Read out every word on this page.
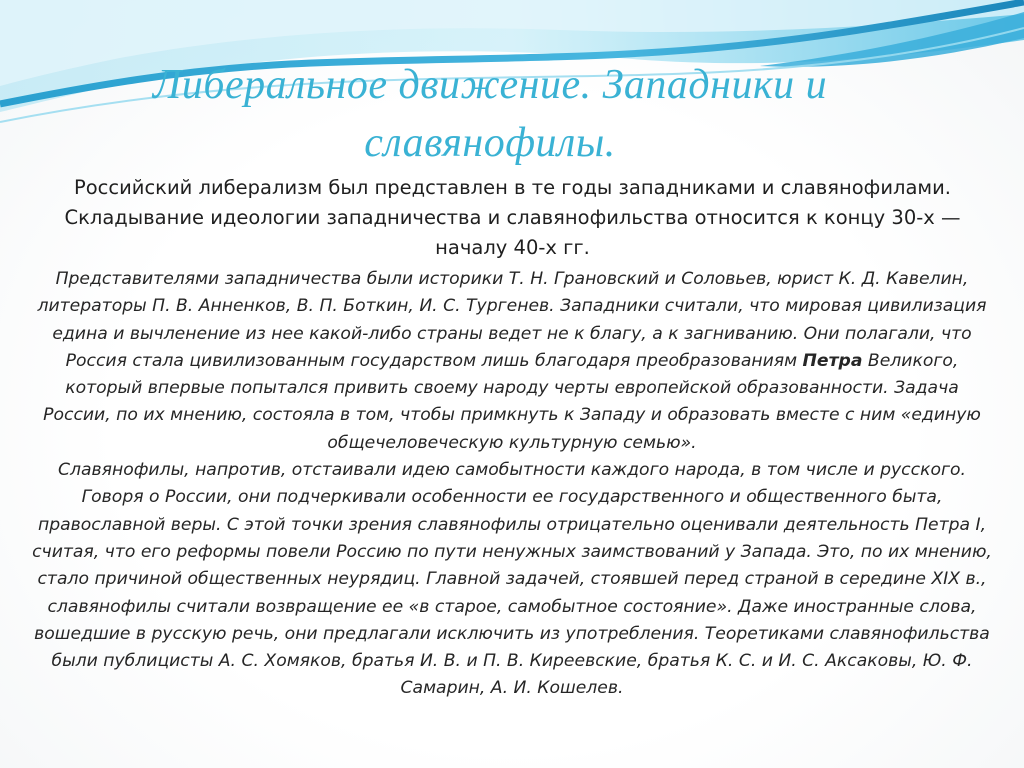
Либеральное движение. Западники и славянофилы.

Российский либерализм был представлен в те годы западниками и славянофилами. Складывание идеологии западничества и славянофильства относится к концу 30-х — началу 40-х гг.

Представителями западничества были историки Т. Н. Грановский и Соловьев, юрист К. Д. Кавелин, литераторы П. В. Анненков, В. П. Боткин, И. С. Тургенев. Западники считали, что мировая цивилизация едина и вычленение из нее какой-либо страны ведет не к благу, а к загниванию. Они полагали, что Россия стала цивилизованным государством лишь благодаря преобразованиям Петра Великого, который впервые попытался привить своему народу черты европейской образованности. Задача России, по их мнению, состояла в том, чтобы примкнуть к Западу и образовать вместе с ним «единую общечеловеческую культурную семью».
Славянофилы, напротив, отстаивали идею самобытности каждого народа, в том числе и русского. Говоря о России, они подчеркивали особенности ее государственного и общественного быта, православной веры. С этой точки зрения славянофилы отрицательно оценивали деятельность Петра I, считая, что его реформы повели Россию по пути ненужных заимствований у Запада. Это, по их мнению, стало причиной общественных неурядиц. Главной задачей, стоявшей перед страной в середине XIX в., славянофилы считали возвращение ее «в старое, самобытное состояние». Даже иностранные слова, вошедшие в русскую речь, они предлагали исключить из употребления. Теоретиками славянофильства были публицисты А. С. Хомяков, братья И. В. и П. В. Киреевские, братья К. С. и И. С. Аксаковы, Ю. Ф. Самарин, А. И. Кошелев.
